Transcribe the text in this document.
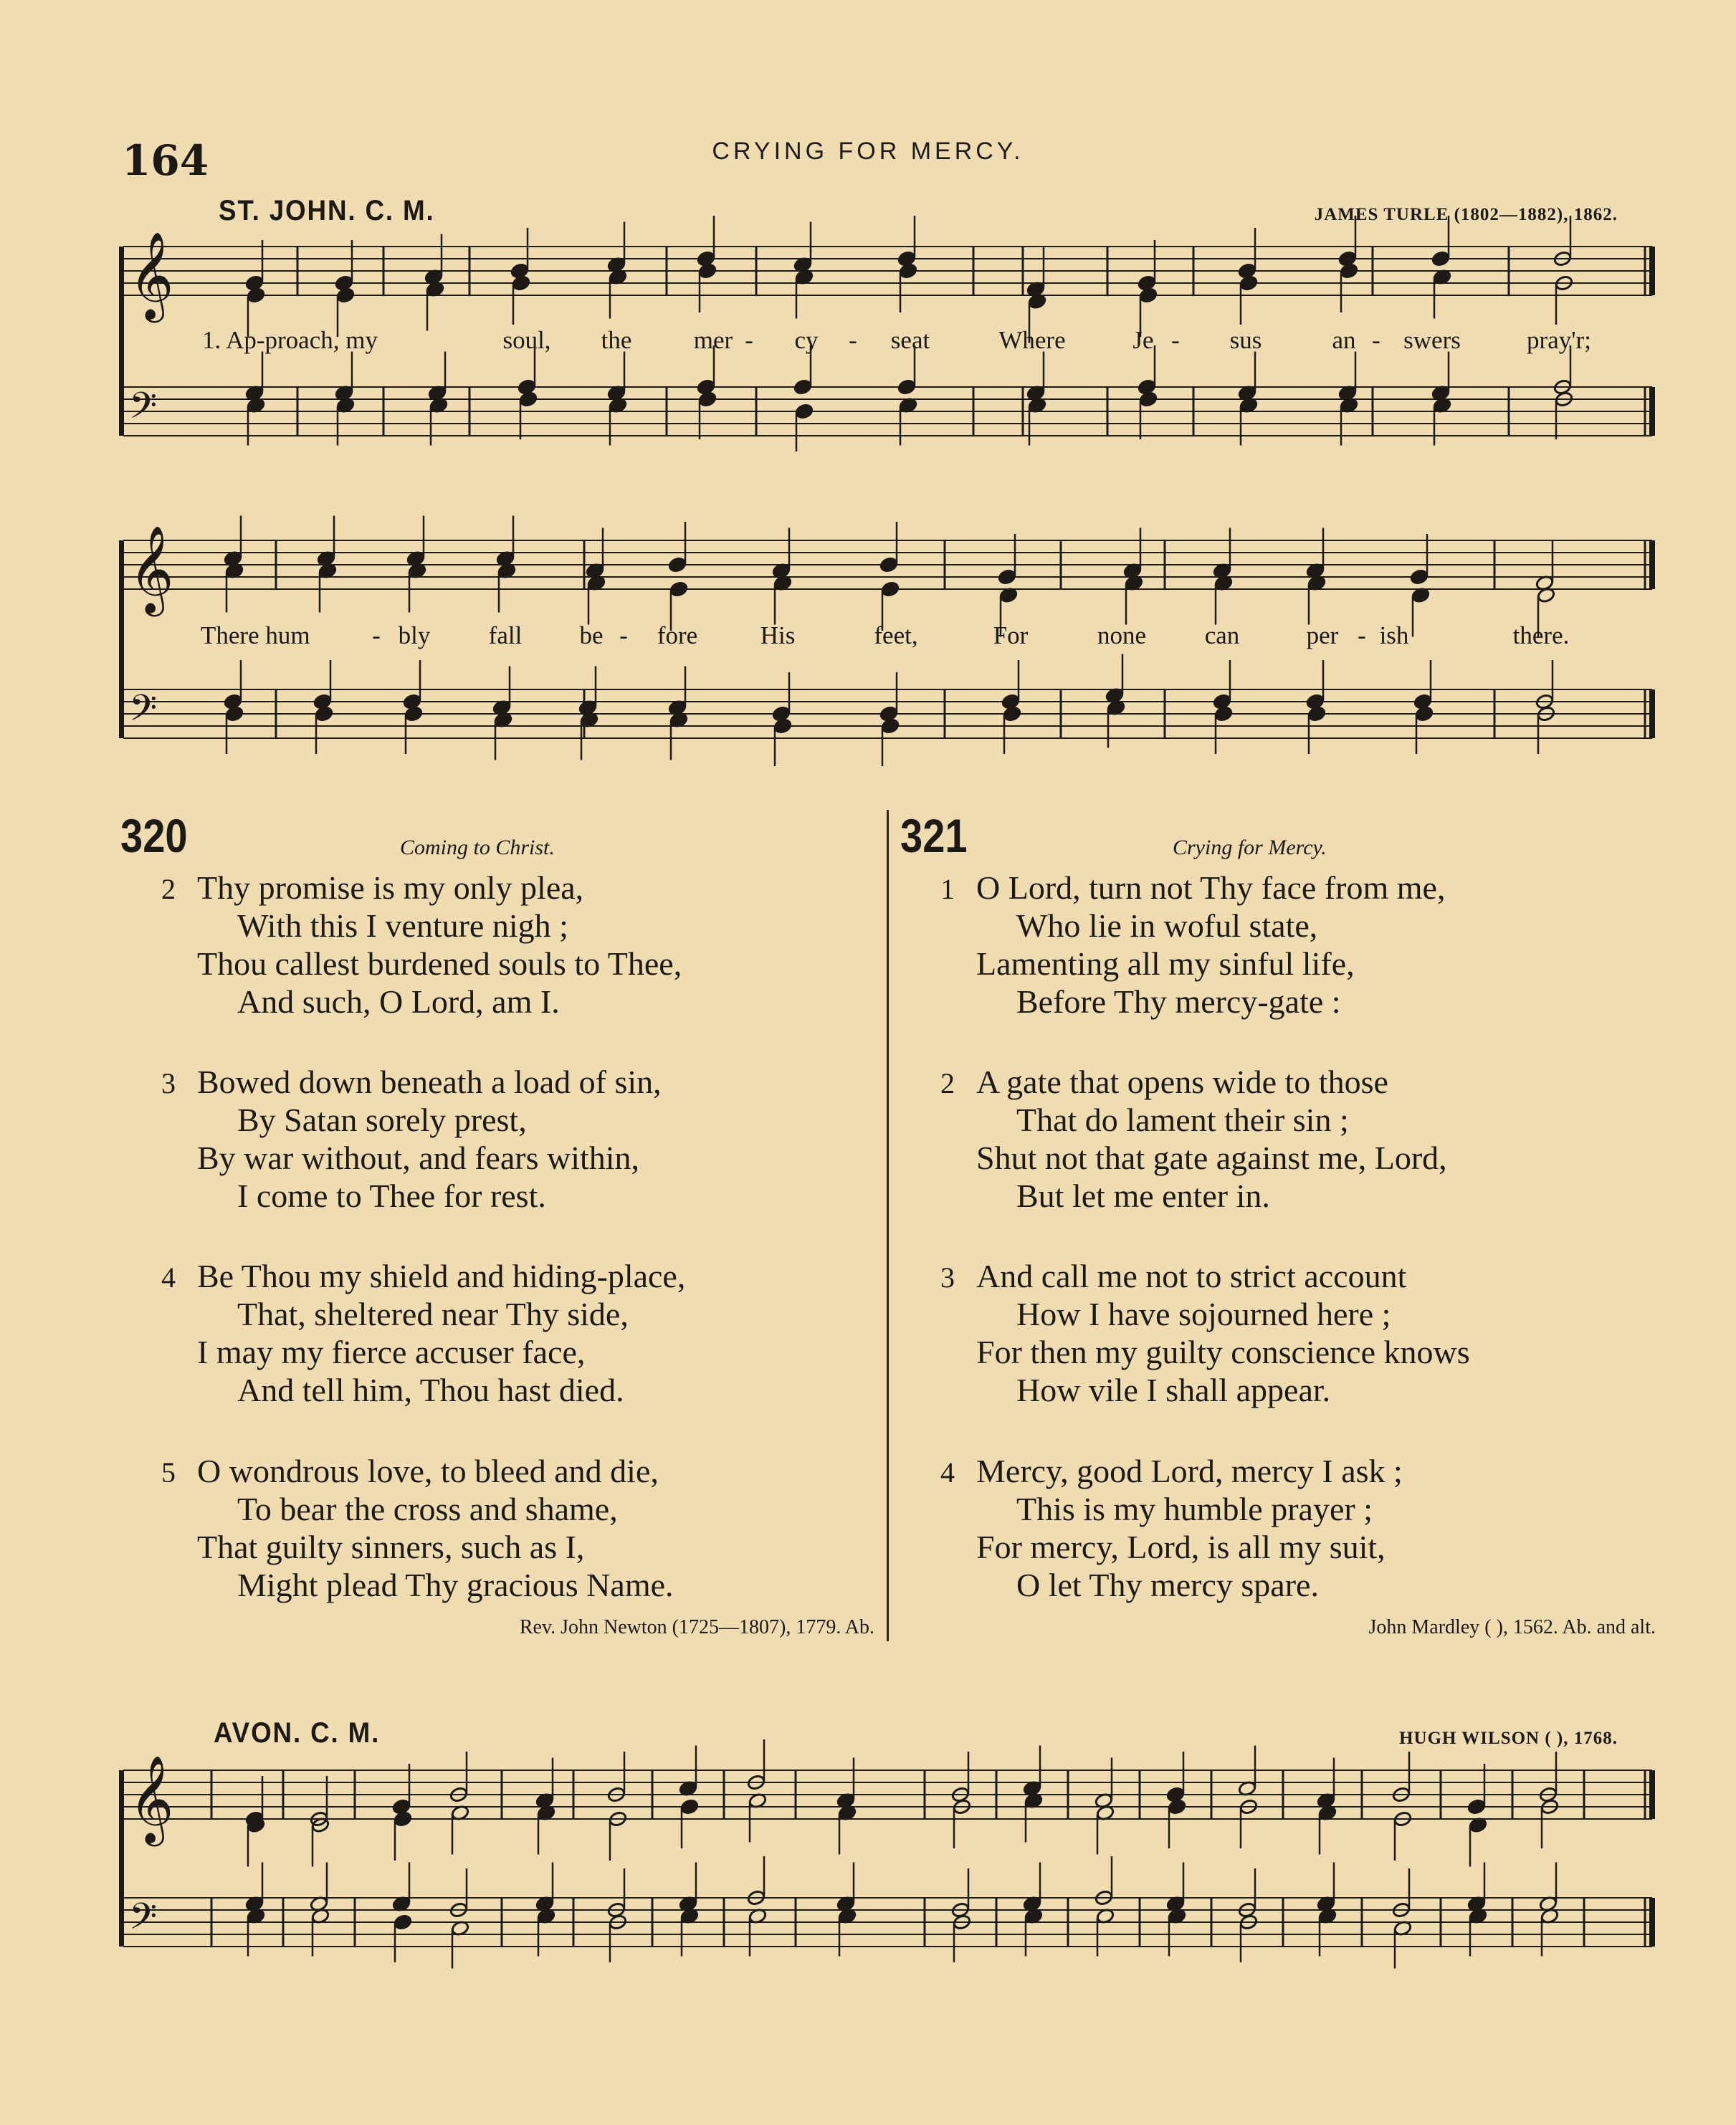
164	CRYING FOR MERCY.
ST. JOHN. C. M.	JAMES TURLE (1802—1882), 1862.
𝄞
𝄢
𝄞
𝄢
𝄞
𝄢
1. Ap-proach, my	soul, the mer - cy - seat	Where	Je - sus	an - swers	pray'r;
There hum - bly fall be - fore	His	feet,	For	none can	per - ish	there.
320	Coming to Christ.
2 Thy promise is my only plea,
With this I venture nigh ;
Thou callest burdened souls to Thee,
And such, O Lord, am I.
3 Bowed down beneath a load of sin,
By Satan sorely prest,
By war without, and fears within,
I come to Thee for rest.
4 Be Thou my shield and hiding-place,
That, sheltered near Thy side,
I may my fierce accuser face,
And tell him, Thou hast died.
5 O wondrous love, to bleed and die,
To bear the cross and shame,
That guilty sinners, such as I,
Might plead Thy gracious Name.
Rev. John Newton (1725—1807), 1779. Ab.
321	Crying for Mercy.
1 O Lord, turn not Thy face from me,
Who lie in woful state,
Lamenting all my sinful life,
Before Thy mercy-gate :
2 A gate that opens wide to those
That do lament their sin ;
Shut not that gate against me, Lord,
But let me enter in.
3 And call me not to strict account
How I have sojourned here ;
For then my guilty conscience knows
How vile I shall appear.
4 Mercy, good Lord, mercy I ask ;
This is my humble prayer ;
For mercy, Lord, is all my suit,
O let Thy mercy spare.
John Mardley ( ), 1562. Ab. and alt.
AVON. C. M.	HUGH WILSON ( ), 1768.
